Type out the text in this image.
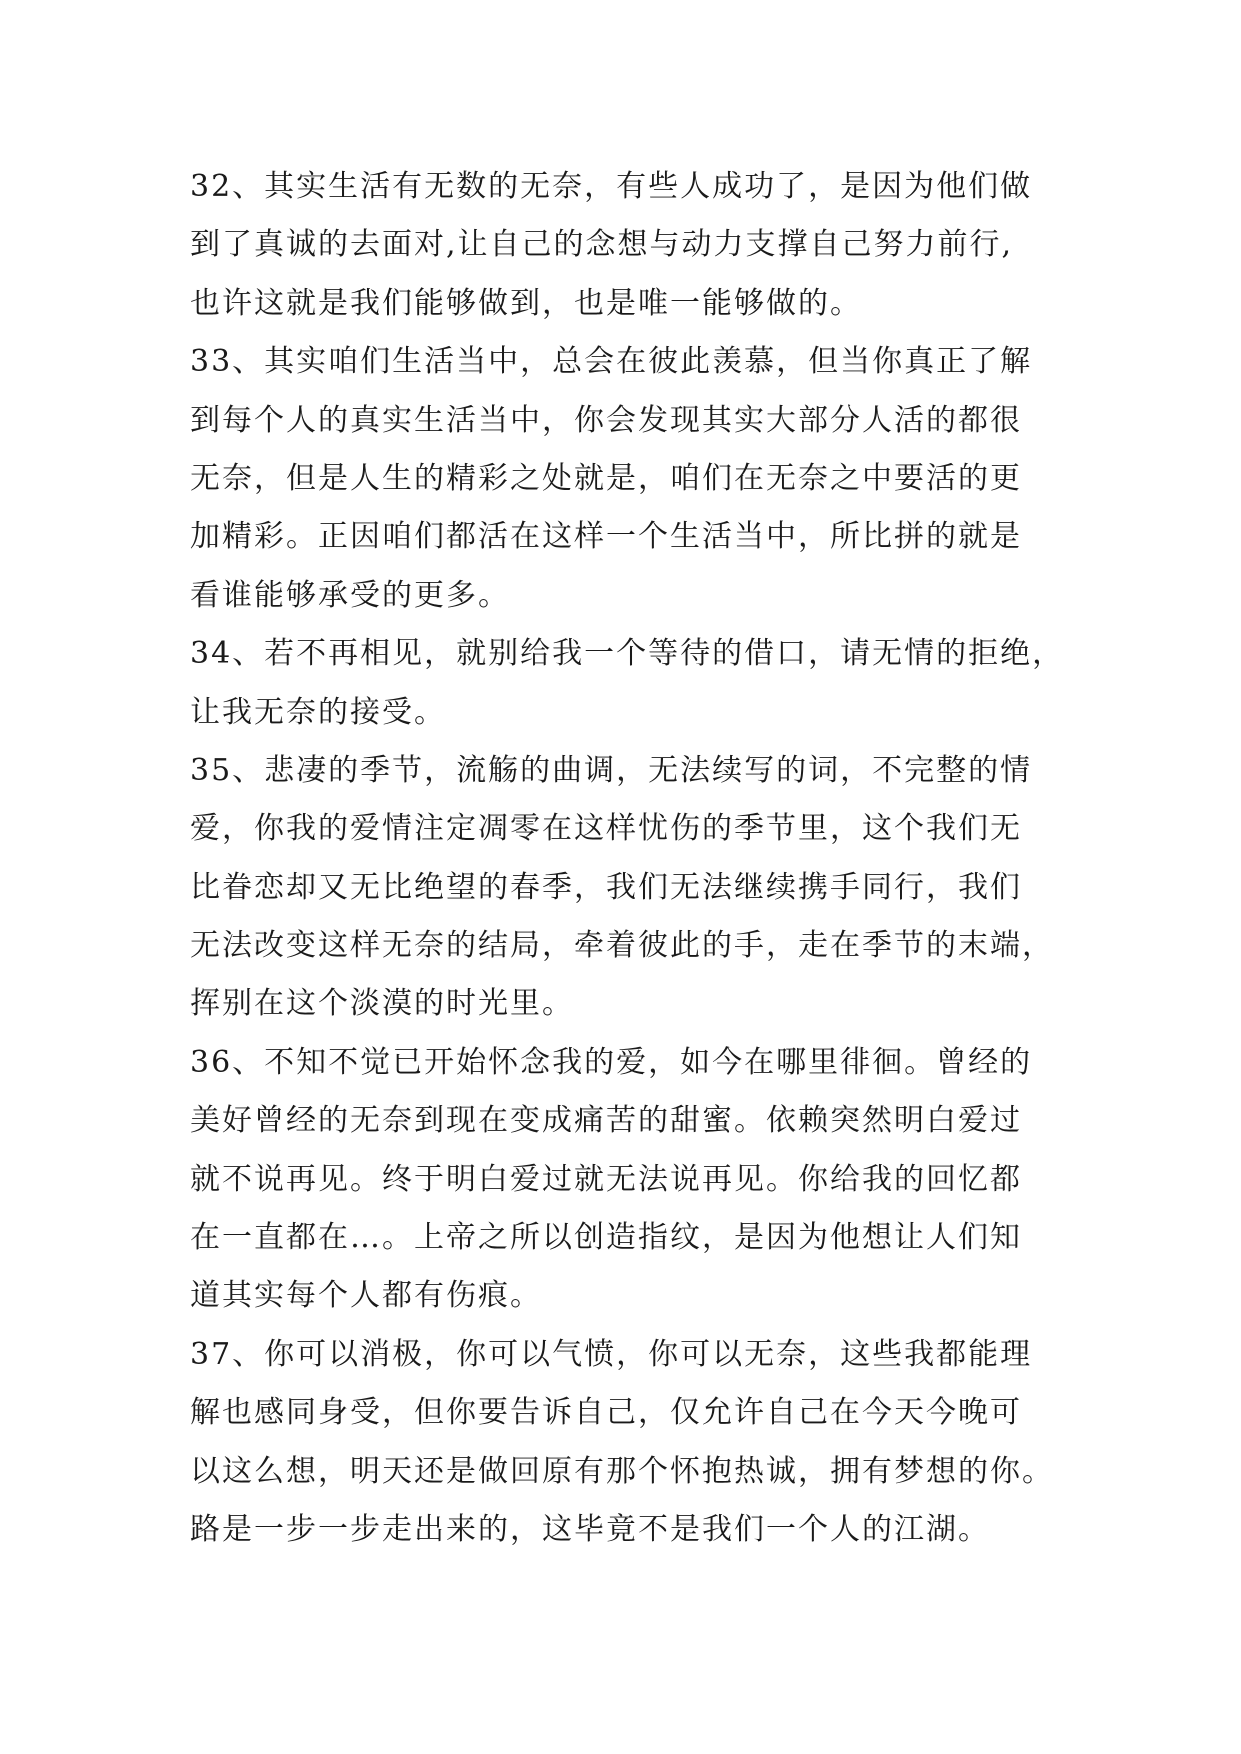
32、其实生活有无数的无奈，有些人成功了，是因为他们做
到了真诚的去面对,让自己的念想与动力支撑自己努力前行,
也许这就是我们能够做到，也是唯一能够做的。
33、其实咱们生活当中，总会在彼此羡慕，但当你真正了解
到每个人的真实生活当中，你会发现其实大部分人活的都很
无奈，但是人生的精彩之处就是，咱们在无奈之中要活的更
加精彩。正因咱们都活在这样一个生活当中，所比拼的就是
看谁能够承受的更多。
34、若不再相见，就别给我一个等待的借口，请无情的拒绝，
让我无奈的接受。
35、悲凄的季节，流觞的曲调，无法续写的词，不完整的情
爱，你我的爱情注定凋零在这样忧伤的季节里，这个我们无
比眷恋却又无比绝望的春季，我们无法继续携手同行，我们
无法改变这样无奈的结局，牵着彼此的手，走在季节的末端，
挥别在这个淡漠的时光里。
36、不知不觉已开始怀念我的爱，如今在哪里徘徊。曾经的
美好曾经的无奈到现在变成痛苦的甜蜜。依赖突然明白爱过
就不说再见。终于明白爱过就无法说再见。你给我的回忆都
在一直都在…。上帝之所以创造指纹，是因为他想让人们知
道其实每个人都有伤痕。
37、你可以消极，你可以气愤，你可以无奈，这些我都能理
解也感同身受，但你要告诉自己，仅允许自己在今天今晚可
以这么想，明天还是做回原有那个怀抱热诚，拥有梦想的你。
路是一步一步走出来的，这毕竟不是我们一个人的江湖。
